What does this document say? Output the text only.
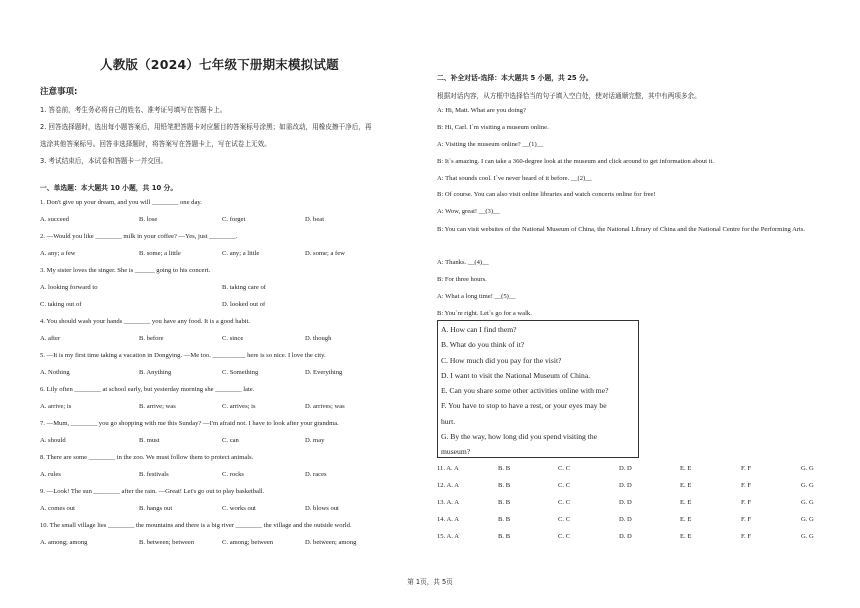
人教版（2024）七年级下册期末模拟试题
注意事项:
1. 答卷前，考生务必将自己的姓名、准考证号填写在答题卡上。
2. 回答选择题时，选出每小题答案后，用铅笔把答题卡对应题目的答案标号涂黑；如需改动，用橡皮擦干净后，再
选涂其他答案标号。回答非选择题时，将答案写在答题卡上，写在试卷上无效。
3. 考试结束后，本试卷和答题卡一并交回。
一、单选题：本大题共 10 小题，共 10 分。
1. Don't give up your dream, and you will ________ one day.
A. succeed	B. lose	C. forget	D. beat
2. —Would you like ________ milk in your coffee? —Yes, just ________.
A. any; a few	B. some; a little	C. any; a little	D. some; a few
3. My sister loves the singer. She is ______ going to his concert.
A. looking forward to	B. taking care of
C. taking out of	D. looked out of
4. You should wash your hands ________ you have any food. It is a good habit.
A. after	B. before	C. since	D. though
5. —It is my first time taking a vacation in Dongying. —Me too. __________ here is so nice. I love the city.
A. Nothing	B. Anything	C. Something	D. Everything
6. Lily often ________ at school early, but yesterday morning she ________ late.
A. arrive; is	B. arrive; was	C. arrives; is	D. arrives; was
7. —Mum, ________ you go shopping with me this Sunday? —I'm afraid not. I have to look after your grandma.
A. should	B. must	C. can	D. may
8. There are some ________ in the zoo. We must follow them to protect animals.
A. rules	B. festivals	C. rocks	D. races
9. —Look! The sun ________ after the rain. —Great! Let's go out to play basketball.
A. comes out	B. hangs out	C. works out	D. blows out
10. The small village lies ________ the mountains and there is a big river ________ the village and the outside world.
A. among; among	B. between; between	C. among; between	D. between; among
二、补全对话-选择：本大题共 5 小题，共 25 分。
根据对话内容，从方框中选择恰当的句子填入空白处，使对话通顺完整，其中有两项多余。
A: Hi, Matt. What are you doing?
B: Hi, Carl. I`m visiting a museum online.
A: Visiting the museum online? __(1)__
B: It`s amazing. I can take a 360-degree look at the museum and click around to get information about it.
A: That sounds cool. I`ve never heard of it before. __(2)__
B: Of course. You can also visit online libraries and watch concerts online for free!
A: Wow, great! __(3)__
B: You can visit websites of the National Museum of China, the National Library of China and the National Centre for the Performing Arts.
A: Thanks. __(4)__
B: For three hours.
A: What a long time! __(5)__
B: You`re right. Let`s go for a walk.
A. How can I find them?
B. What do you think of it?
C. How much did you pay for the visit?
D. I want to visit the National Museum of China.
E. Can you share some other activities online with me?
F. You have to stop to have a rest, or your eyes may be
hurt.
G. By the way, how long did you spend visiting the
museum?
11. A. A	B. B	C. C	D. D	E. E	F. F	G. G
12. A. A	B. B	C. C	D. D	E. E	F. F	G. G
13. A. A	B. B	C. C	D. D	E. E	F. F	G. G
14. A. A	B. B	C. C	D. D	E. E	F. F	G. G
15. A. A	B. B	C. C	D. D	E. E	F. F	G. G
第 1页，共 5页
